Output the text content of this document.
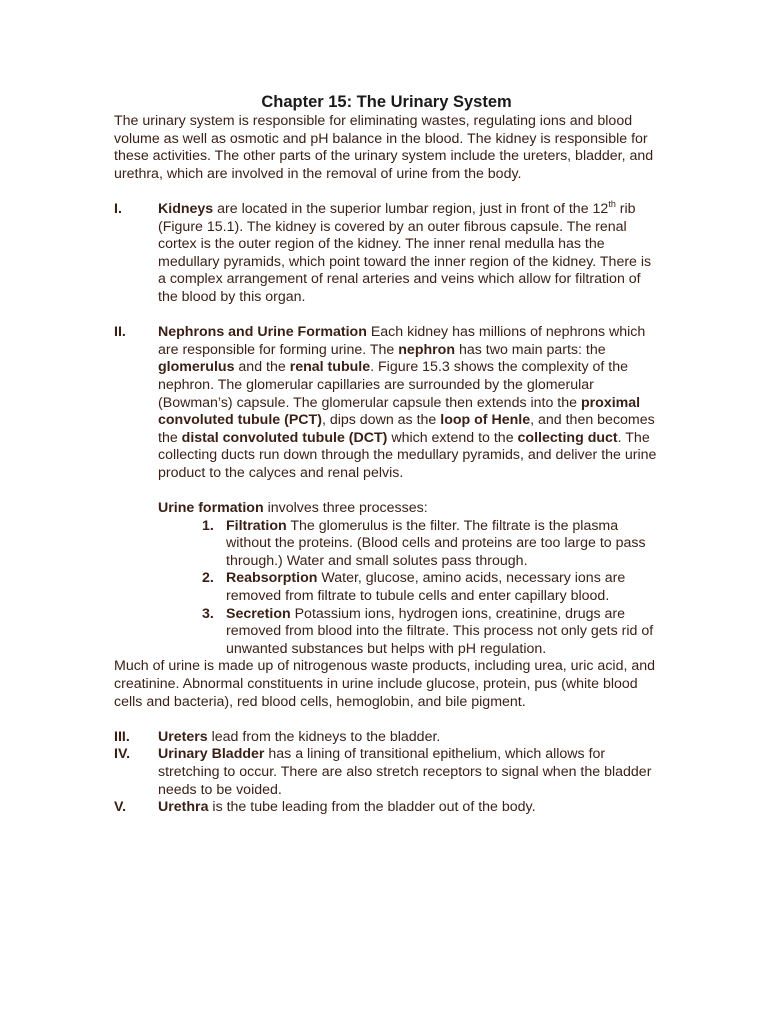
Chapter 15: The Urinary System

The urinary system is responsible for eliminating wastes, regulating ions and blood volume as well as osmotic and pH balance in the blood. The kidney is responsible for these activities. The other parts of the urinary system include the ureters, bladder, and urethra, which are involved in the removal of urine from the body.

I.	Kidneys are located in the superior lumbar region, just in front of the 12th rib (Figure 15.1). The kidney is covered by an outer fibrous capsule. The renal cortex is the outer region of the kidney. The inner renal medulla has the medullary pyramids, which point toward the inner region of the kidney. There is a complex arrangement of renal arteries and veins which allow for filtration of the blood by this organ.
II.	Nephrons and Urine Formation Each kidney has millions of nephrons which are responsible for forming urine. The nephron has two main parts: the glomerulus and the renal tubule. Figure 15.3 shows the complexity of the nephron. The glomerular capillaries are surrounded by the glomerular (Bowman’s) capsule. The glomerular capsule then extends into the proximal convoluted tubule (PCT), dips down as the loop of Henle, and then becomes the distal convoluted tubule (DCT) which extend to the collecting duct. The collecting ducts run down through the medullary pyramids, and deliver the urine product to the calyces and renal pelvis.
Urine formation involves three processes:
1. Filtration The glomerulus is the filter. The filtrate is the plasma without the proteins. (Blood cells and proteins are too large to pass through.) Water and small solutes pass through.
2. Reabsorption Water, glucose, amino acids, necessary ions are removed from filtrate to tubule cells and enter capillary blood.
3. Secretion Potassium ions, hydrogen ions, creatinine, drugs are removed from blood into the filtrate. This process not only gets rid of unwanted substances but helps with pH regulation.

Much of urine is made up of nitrogenous waste products, including urea, uric acid, and creatinine. Abnormal constituents in urine include glucose, protein, pus (white blood cells and bacteria), red blood cells, hemoglobin, and bile pigment.

III.	Ureters lead from the kidneys to the bladder.
IV.	Urinary Bladder has a lining of transitional epithelium, which allows for stretching to occur. There are also stretch receptors to signal when the bladder needs to be voided.
V.	Urethra is the tube leading from the bladder out of the body.
